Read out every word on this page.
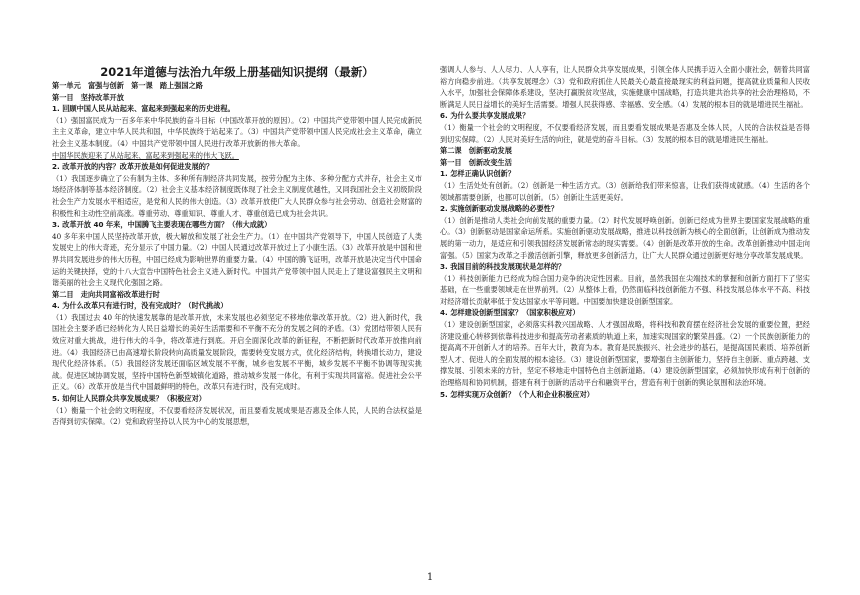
2021年道德与法治九年级上册基础知识提纲（最新）
第一单元　富强与创新　第一课　踏上强国之路
第一目　坚持改革开放
1. 回顾中国人民从站起来、富起来到强起来的历史进程。
（1）强国富民成为一百多年来中华民族的奋斗目标（中国改革开放的原因）。（2）中国共产党带领中国人民完成新民主主义革命，建立中华人民共和国，中华民族终于站起来了。（3）中国共产党带领中国人民完成社会主义革命，确立社会主义基本制度。（4）中国共产党带领中国人民进行改革开放新的伟大革命。
中国华民族迎来了从站起来、富起来到强起来的伟大飞跃。
2. 改革开放的内容？改革开放是如何促进发展的？
（1）我国逐步确立了公有制为主体、多种所有制经济共同发展，按劳分配为主体、多种分配方式并存，社会主义市场经济体制等基本经济制度。（2）社会主义基本经济制度既体现了社会主义制度优越性，又同我国社会主义初级阶段社会生产力发展水平相适应，是党和人民的伟大创造。（3）改革开放使广大人民群众参与社会劳动、创造社会财富的积极性和主动性空前高涨。尊重劳动、尊重知识、尊重人才、尊重创造已成为社会共识。
3. 改革开放 40 年来，中国腾飞主要表现在哪些方面？（伟大成就）
40 多年来中国人民坚持改革开放，极大解放和发展了社会生产力。（1）在中国共产党领导下，中国人民创造了人类发展史上的伟大奇迹，充分显示了中国力量。（2）中国人民通过改革开放过上了小康生活。（3）改革开放是中国和世界共同发展进步的伟大历程，中国已经成为影响世界的重要力量。（4）中国的腾飞证明，改革开放是决定当代中国命运的关键抉择，党的十八大宣告中国特色社会主义进入新时代。中国共产党带领中国人民走上了建设富强民主文明和谐美丽的社会主义现代化强国之路。
第二目　走向共同富裕改革进行时
4. 为什么改革只有进行时，没有完成时？（时代挑战）
（1）我国过去 40 年的快速发展靠的是改革开放，未来发展也必须坚定不移地依靠改革开放。（2）进入新时代，我国社会主要矛盾已经转化为人民日益增长的美好生活需要和不平衡不充分的发展之间的矛盾。（3）党团结带领人民有效应对重大挑战，进行伟大的斗争，将改革进行到底。开启全面深化改革的新征程，不断把新时代改革开放推向前进。（4）我国经济已由高速增长阶段转向高质量发展阶段，需要转变发展方式，优化经济结构，转换增长动力，建设现代化经济体系。（5）我国经济发展还面临区域发展不平衡，城乡也发展不平衡，城乡发展不平衡不协调等现实挑战。促进区域协调发展，坚持中国特色新型城镇化道路，推动城乡发展一体化，有利于实现共同富裕。促进社会公平正义。（6）改革开放是当代中国最鲜明的特色，改革只有进行时，没有完成时。
5. 如何让人民群众共享发展成果？（积极应对）
（1）衡量一个社会的文明程度，不仅要看经济发展状况，而且要看发展成果是否惠及全体人民，人民的合法权益是否得到切实保障。（2）党和政府坚持以人民为中心的发展思想，
强调人人参与、人人尽力、人人享有，让人民群众共享发展成果，引领全体人民携手迈入全面小康社会，朝着共同富裕方向稳步前进。（共享发展理念）（3）党和政府抓住人民最关心最直接最现实的利益问题，提高就业质量和人民收入水平，加强社会保障体系建设，坚决打赢脱贫攻坚战，实施健康中国战略，打造共建共治共享的社会治理格局，不断满足人民日益增长的美好生活需要。增强人民获得感、幸福感、安全感。（4）发展的根本目的就是增进民生福祉。
6. 为什么要共享发展成果？
（1）衡量一个社会的文明程度，不仅要看经济发展，而且要看发展成果是否惠及全体人民，人民的合法权益是否得到切实保障。（2）人民对美好生活的向往，就是党的奋斗目标。（3）发展的根本目的就是增进民生福祉。
第二课　创新驱动发展
第一目　创新改变生活
1. 怎样正确认识创新？
（1）生活处处有创新。（2）创新是一种生活方式。（3）创新给我们带来惊喜，让我们获得成就感。（4）生活的各个领域都需要创新，也都可以创新。（5）创新让生活更美好。
2. 实施创新驱动发展战略的必要性？
（1）创新是推动人类社会向前发展的重要力量。（2）时代发展呼唤创新。创新已经成为世界主要国家发展战略的重心。（3）创新驱动是国家命运所系。实施创新驱动发展战略，推进以科技创新为核心的全面创新，让创新成为推动发展的第一动力，是适应和引领我国经济发展新常态的现实需要。（4）创新是改革开放的生命。改革创新推动中国走向富强。（5）国家为改革之手激活创新引擎，释放更多创新活力，让广大人民群众通过创新更好地分享改革发展成果。
3. 我国目前的科技发展现状是怎样的？
（1）科技创新能力已经成为综合国力竞争的决定性因素。目前，虽然我国在尖端技术的掌握和创新方面打下了坚实基础，在一些重要领域走在世界前列。（2）从整体上看，仍然面临科技创新能力不强、科技发展总体水平不高、科技对经济增长贡献率低于发达国家水平等问题。中国要加快建设创新型国家。
4. 怎样建设创新型国家？（国家积极应对）
（1）建设创新型国家，必须落实科教兴国战略、人才强国战略，将科技和教育摆在经济社会发展的重要位置，把经济建设重心转移到依靠科技进步和提高劳动者素质的轨道上来，加速实现国家的繁荣昌盛。（2）一个民族创新能力的提高离不开创新人才的培养。百年大计，教育为本。教育是民族振兴、社会进步的基石，是提高国民素质、培养创新型人才、促进人的全面发展的根本途径。（3）建设创新型国家，要增强自主创新能力，坚持自主创新、重点跨越、支撑发展、引领未来的方针，坚定不移地走中国特色自主创新道路。（4）建设创新型国家，必须加快形成有利于创新的治理格局和协同机制，搭建有利于创新的活动平台和融资平台，营造有利于创新的舆论氛围和法治环境。
5. 怎样实现万众创新？（个人和企业积极应对）
1
